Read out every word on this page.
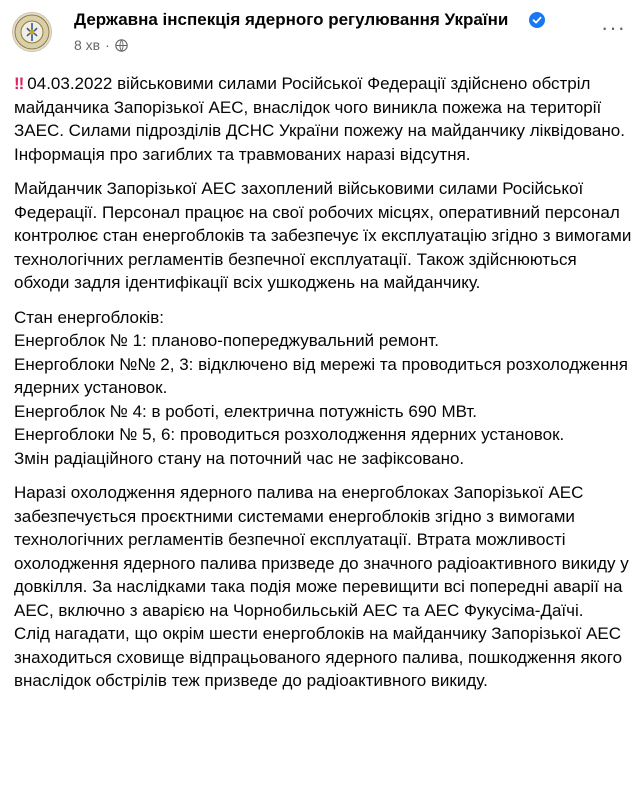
Державна інспекція ядерного регулювання України
8 хв ·
···

‼ 04.03.2022 військовими силами Російської Федерації здійснено обстріл майданчика Запорізької АЕС, внаслідок чого виникла пожежа на території ЗАЕС. Силами підрозділів ДСНС України пожежу на майданчику ліквідовано. Інформація про загиблих та травмованих наразі відсутня.

Майданчик Запорізької АЕС захоплений військовими силами Російської Федерації. Персонал працює на свої робочих місцях, оперативний персонал контролює стан енергоблоків та забезпечує їх експлуатацію згідно з вимогами технологічних регламентів безпечної експлуатації. Також здійснюються обходи задля ідентифікації всіх ушкоджень на майданчику.

Стан енергоблоків:
Енергоблок № 1: планово-попереджувальний ремонт.
Енергоблоки №№ 2, 3: відключено від мережі та проводиться розхолодження ядерних установок.
Енергоблок № 4: в роботі, електрична потужність 690 МВт.
Енергоблоки № 5, 6: проводиться розхолодження ядерних установок.
Змін радіаційного стану на поточний час не зафіксовано.

Наразі охолодження ядерного палива на енергоблоках Запорізької АЕС забезпечується проєктними системами енергоблоків згідно з вимогами технологічних регламентів безпечної експлуатації. Втрата можливості охолодження ядерного палива призведе до значного радіоактивного викиду у довкілля. За наслідками така подія може перевищити всі попередні аварії на АЕС, включно з аварією на Чорнобильській АЕС та АЕС Фукусіма-Даїчі.
Слід нагадати, що окрім шести енергоблоків на майданчику Запорізької АЕС знаходиться сховище відпрацьованого ядерного палива, пошкодження якого внаслідок обстрілів теж призведе до радіоактивного викиду.
